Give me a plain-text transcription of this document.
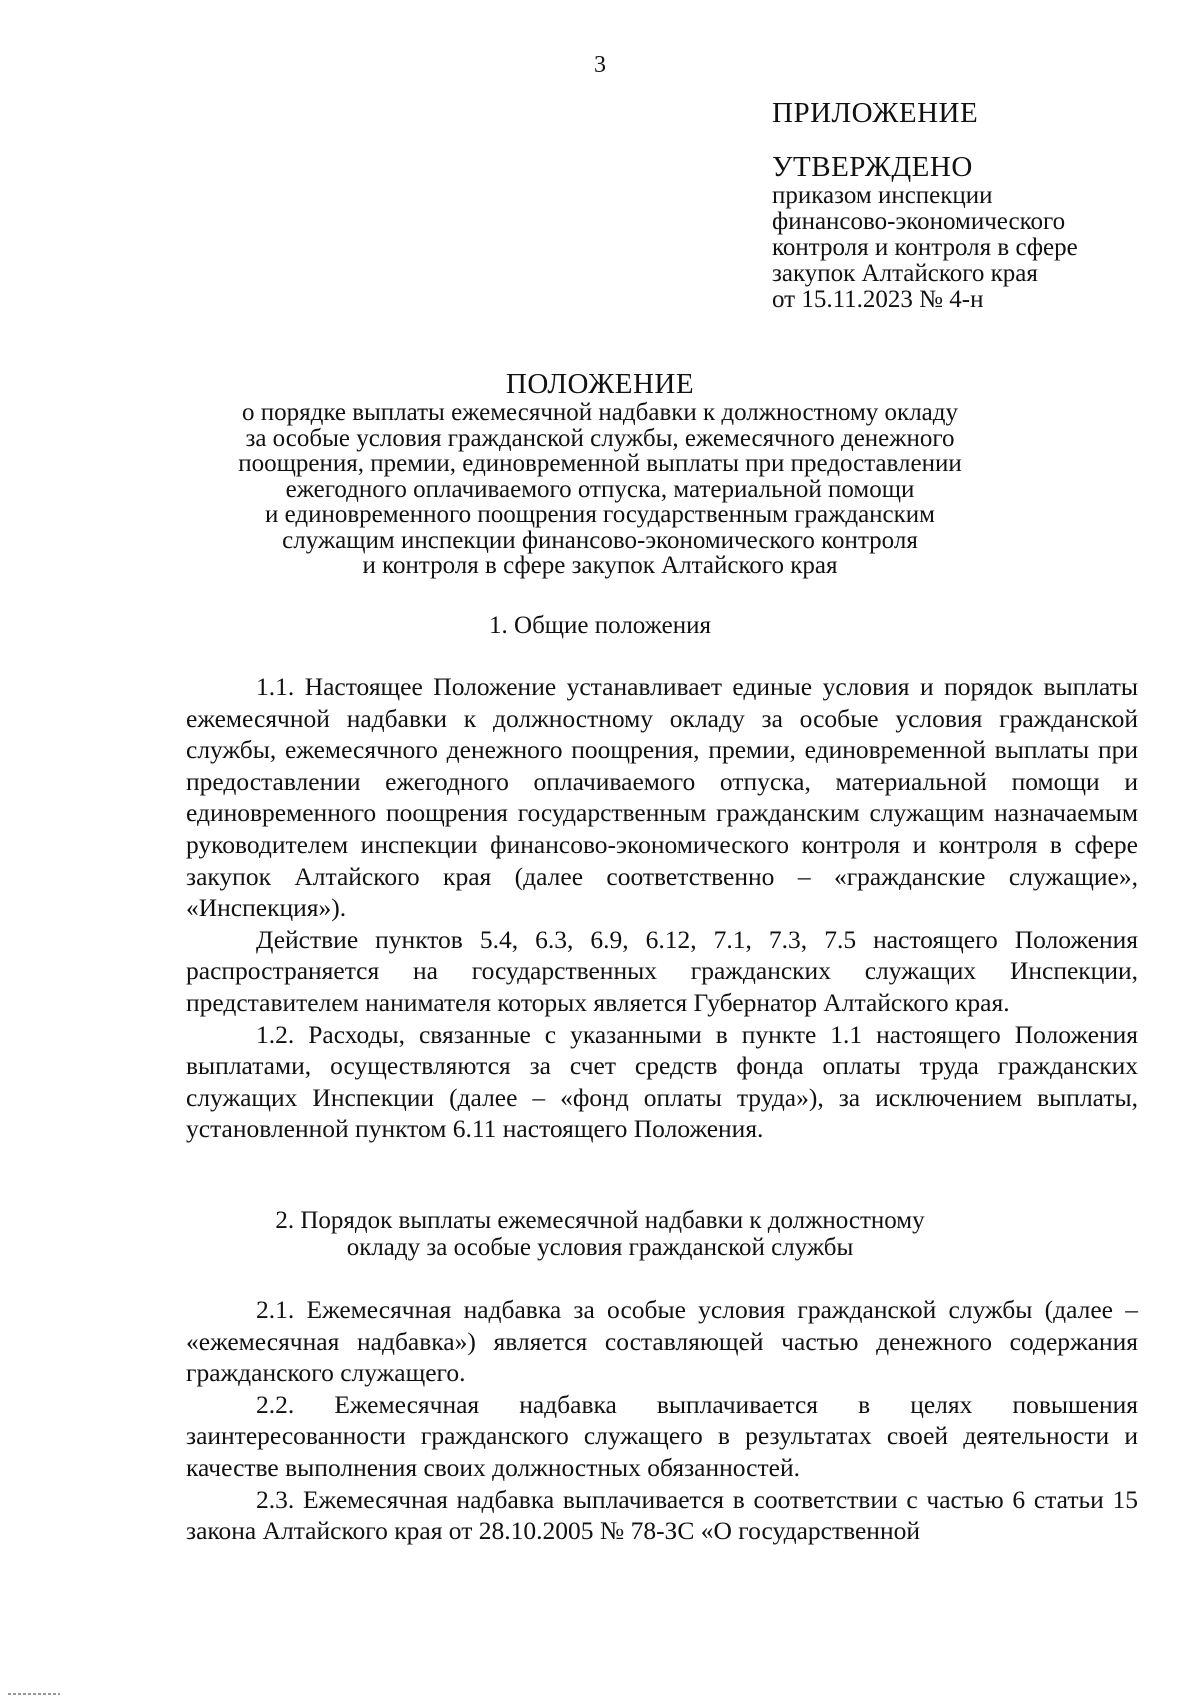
3
ПРИЛОЖЕНИЕ
УТВЕРЖДЕНО
приказом инспекции
финансово-экономического
контроля и контроля в сфере
закупок Алтайского края
от 15.11.2023 № 4-н
ПОЛОЖЕНИЕ
о порядке выплаты ежемесячной надбавки к должностному окладу
за особые условия гражданской службы, ежемесячного денежного
поощрения, премии, единовременной выплаты при предоставлении
ежегодного оплачиваемого отпуска, материальной помощи
и единовременного поощрения государственным гражданским
служащим инспекции финансово-экономического контроля
и контроля в сфере закупок Алтайского края
1. Общие положения

1.1. Настоящее Положение устанавливает единые условия и порядок выплаты ежемесячной надбавки к должностному окладу за особые условия гражданской службы, ежемесячного денежного поощрения, премии, единовременной выплаты при предоставлении ежегодного оплачиваемого отпуска, материальной помощи и единовременного поощрения государственным гражданским служащим назначаемым руководителем инспекции финансово-экономического контроля и контроля в сфере закупок Алтайского края (далее соответственно – «гражданские служащие», «Инспекция»).

Действие пунктов 5.4, 6.3, 6.9, 6.12, 7.1, 7.3, 7.5 настоящего Положения распространяется на государственных гражданских служащих Инспекции, представителем нанимателя которых является Губернатор Алтайского края.

1.2. Расходы, связанные с указанными в пункте 1.1 настоящего Положения выплатами, осуществляются за счет средств фонда оплаты труда гражданских служащих Инспекции (далее – «фонд оплаты труда»), за исключением выплаты, установленной пунктом 6.11 настоящего Положения.

2. Порядок выплаты ежемесячной надбавки к должностному
окладу за особые условия гражданской службы

2.1. Ежемесячная надбавка за особые условия гражданской службы (далее – «ежемесячная надбавка») является составляющей частью денежного содержания гражданского служащего.

2.2. Ежемесячная надбавка выплачивается в целях повышения заинтересованности гражданского служащего в результатах своей деятельности и качестве выполнения своих должностных обязанностей.

2.3. Ежемесячная надбавка выплачивается в соответствии с частью 6 статьи 15 закона Алтайского края от 28.10.2005 № 78-ЗС «О государственной
